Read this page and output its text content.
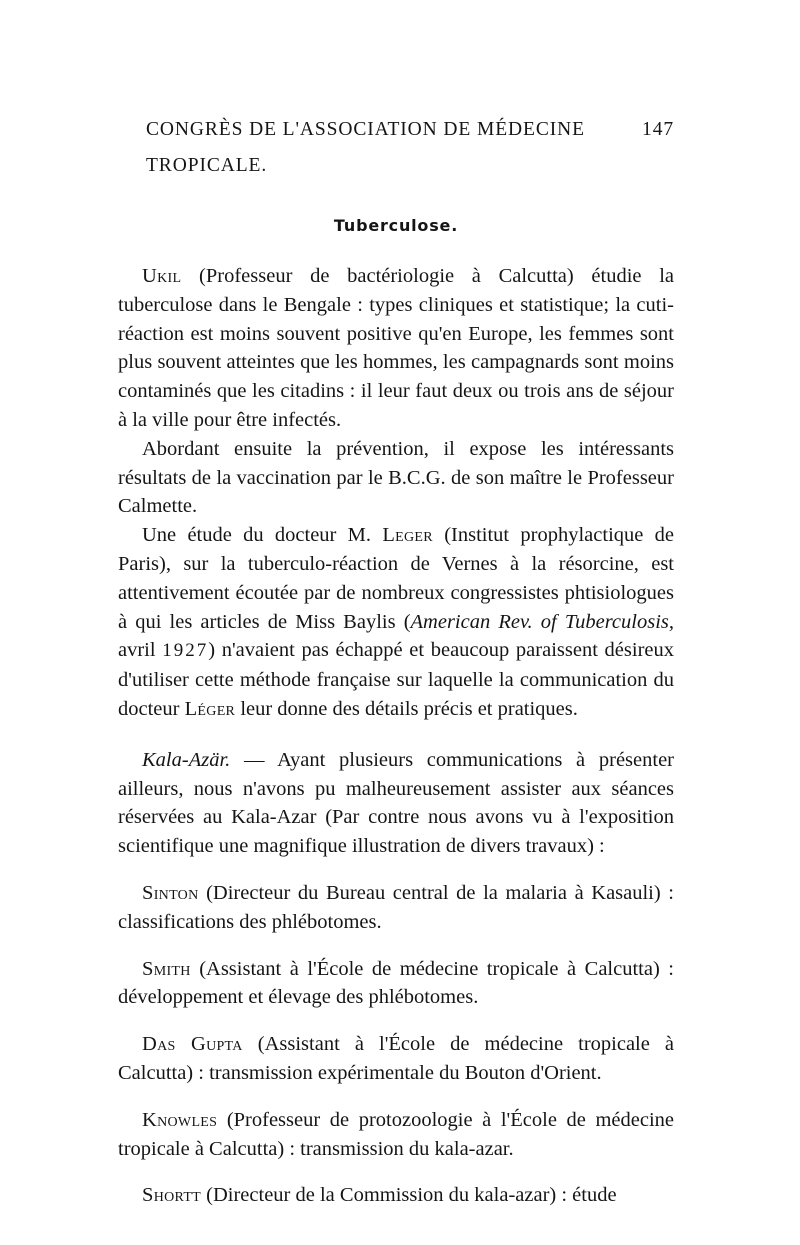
CONGRÈS DE L'ASSOCIATION DE MÉDECINE TROPICALE.
147
Tuberculose.

Ukil (Professeur de bactériologie à Calcutta) étudie la tuberculose dans le Bengale : types cliniques et statistique; la cuti-réaction est moins souvent positive qu'en Europe, les femmes sont plus souvent atteintes que les hommes, les campagnards sont moins contaminés que les citadins : il leur faut deux ou trois ans de séjour à la ville pour être infectés.

Abordant ensuite la prévention, il expose les intéressants résultats de la vaccination par le B.C.G. de son maître le Professeur Calmette.

Une étude du docteur M. Leger (Institut prophylactique de Paris), sur la tuberculo-réaction de Vernes à la résorcine, est attentivement écoutée par de nombreux congressistes phtisiologues à qui les articles de Miss Baylis (American Rev. of Tuberculosis, avril 1927) n'avaient pas échappé et beaucoup paraissent désireux d'utiliser cette méthode française sur laquelle la communication du docteur Léger leur donne des détails précis et pratiques.

Kala-Azär. — Ayant plusieurs communications à présenter ailleurs, nous n'avons pu malheureusement assister aux séances réservées au Kala-Azar (Par contre nous avons vu à l'exposition scientifique une magnifique illustration de divers travaux) :

Sinton (Directeur du Bureau central de la malaria à Kasauli) : classifications des phlébotomes.

Smith (Assistant à l'École de médecine tropicale à Calcutta) : développement et élevage des phlébotomes.

Das Gupta (Assistant à l'École de médecine tropicale à Calcutta) : transmission expérimentale du Bouton d'Orient.

Knowles (Professeur de protozoologie à l'École de médecine tropicale à Calcutta) : transmission du kala-azar.

Shortt (Directeur de la Commission du kala-azar) : étude
